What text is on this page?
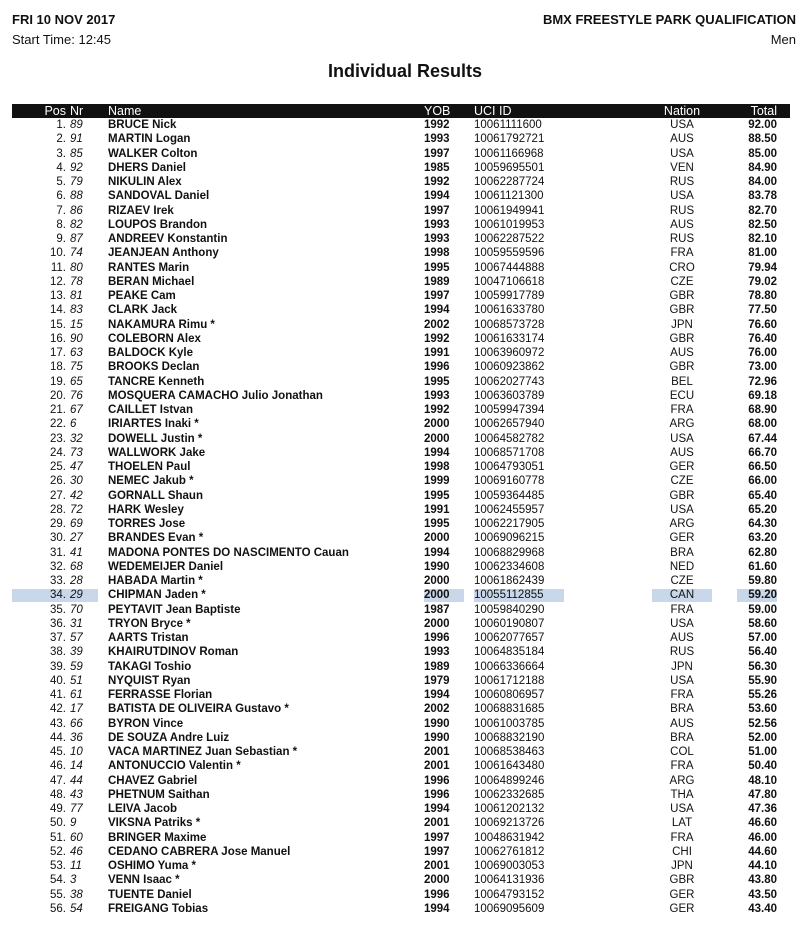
FRI 10 NOV 2017
Start Time: 12:45
BMX FREESTYLE PARK QUALIFICATION
Men
Individual Results
Pos Nr Name	YOB	UCI ID	Nation	Total
1. 89 BRUCE Nick	1992	10061111600	USA	92.00
2. 91 MARTIN Logan	1993	10061792721	AUS	88.50
3. 85 WALKER Colton	1997	10061166968	USA	85.00
4. 92 DHERS Daniel	1985	10059695501	VEN	84.90
5. 79 NIKULIN Alex	1992	10062287724	RUS	84.00
6. 88 SANDOVAL Daniel	1994	10061121300	USA	83.78
7. 86 RIZAEV Irek	1997	10061949941	RUS	82.70
8. 82 LOUPOS Brandon	1993	10061019953	AUS	82.50
9. 87 ANDREEV Konstantin	1993	10062287522	RUS	82.10
10. 74 JEANJEAN Anthony	1998	10059559596	FRA	81.00
11. 80 RANTES Marin	1995	10067444888	CRO	79.94
12. 78 BERAN Michael	1989	10047106618	CZE	79.02
13. 81 PEAKE Cam	1997	10059917789	GBR	78.80
14. 83 CLARK Jack	1994	10061633780	GBR	77.50
15. 15 NAKAMURA Rimu *	2002	10068573728	JPN	76.60
16. 90 COLEBORN Alex	1992	10061633174	GBR	76.40
17. 63 BALDOCK Kyle	1991	10063960972	AUS	76.00
18. 75 BROOKS Declan	1996	10060923862	GBR	73.00
19. 65 TANCRE Kenneth	1995	10062027743	BEL	72.96
20. 76 MOSQUERA CAMACHO Julio Jonathan	1993	10063603789	ECU	69.18
21. 67 CAILLET Istvan	1992	10059947394	FRA	68.90
22. 6	IRIARTES Inaki *	2000	10062657940	ARG	68.00
23. 32 DOWELL Justin *	2000	10064582782	USA	67.44
24. 73 WALLWORK Jake	1994	10068571708	AUS	66.70
25. 47 THOELEN Paul	1998	10064793051	GER	66.50
26. 30 NEMEC Jakub *	1999	10069160778	CZE	66.00
27. 42 GORNALL Shaun	1995	10059364485	GBR	65.40
28. 72 HARK Wesley	1991	10062455957	USA	65.20
29. 69 TORRES Jose	1995	10062217905	ARG	64.30
30. 27 BRANDES Evan *	2000	10069096215	GER	63.20
31. 41 MADONA PONTES DO NASCIMENTO Cauan	1994	10068829968	BRA	62.80
32. 68 WEDEMEIJER Daniel	1990	10062334608	NED	61.60
33. 28 HABADA Martin *	2000	10061862439	CZE	59.80
34. 29 CHIPMAN Jaden *	2000	10055112855	CAN	59.20
35. 70 PEYTAVIT Jean Baptiste	1987	10059840290	FRA	59.00
36. 31 TRYON Bryce *	2000	10060190807	USA	58.60
37. 57 AARTS Tristan	1996	10062077657	AUS	57.00
38. 39 KHAIRUTDINOV Roman	1993	10064835184	RUS	56.40
39. 59 TAKAGI Toshio	1989	10066336664	JPN	56.30
40. 51 NYQUIST Ryan	1979	10061712188	USA	55.90
41. 61 FERRASSE Florian	1994	10060806957	FRA	55.26
42. 17 BATISTA DE OLIVEIRA Gustavo *	2002	10068831685	BRA	53.60
43. 66 BYRON Vince	1990	10061003785	AUS	52.56
44. 36 DE SOUZA Andre Luiz	1990	10068832190	BRA	52.00
45. 10 VACA MARTINEZ Juan Sebastian *	2001	10068538463	COL	51.00
46. 14 ANTONUCCIO Valentin *	2001	10061643480	FRA	50.40
47. 44 CHAVEZ Gabriel	1996	10064899246	ARG	48.10
48. 43 PHETNUM Saithan	1996	10062332685	THA	47.80
49. 77 LEIVA Jacob	1994	10061202132	USA	47.36
50. 9	VIKSNA Patriks *	2001	10069213726	LAT	46.60
51. 60 BRINGER Maxime	1997	10048631942	FRA	46.00
52. 46 CEDANO CABRERA Jose Manuel	1997	10062761812	CHI	44.60
53. 11 OSHIMO Yuma *	2001	10069003053	JPN	44.10
54. 3	VENN Isaac *	2000	10064131936	GBR	43.80
55. 38 TUENTE Daniel	1996	10064793152	GER	43.50
56. 54 FREIGANG Tobias	1994	10069095609	GER	43.40
